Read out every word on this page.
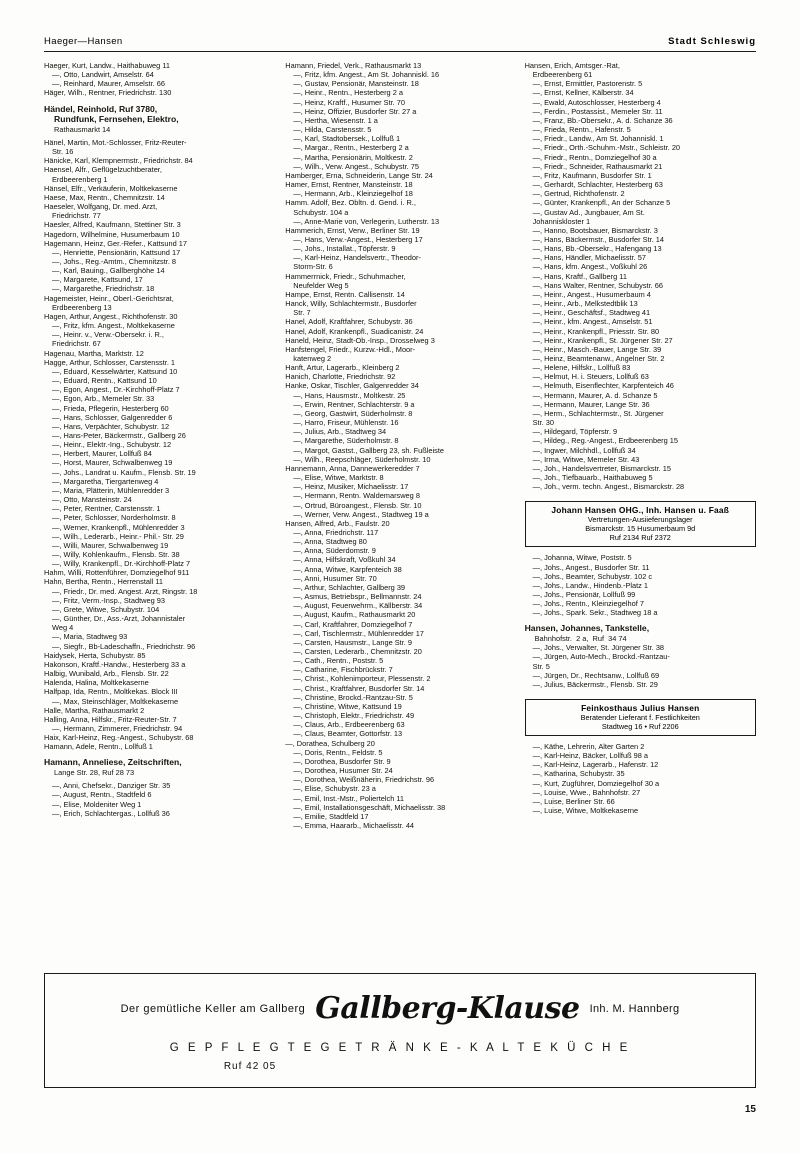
Haeger—Hansen	Stadt Schleswig
Haeger, Kurt, Landw., Haithabuweg 11
—, Otto, Landwirt, Amselstr. 64
—, Reinhard, Maurer, Amselstr. 66
Häger, Wilh., Rentner, Friedrichstr. 130
Händel, Reinhold, Ruf 3780,
Rundfunk, Fernsehen, Elektro,
Rathausmarkt 14
Hänel, Martin, Mot.-Schlosser, Fritz-Reuter-
Str. 16
Hänicke, Karl, Klempnermstr., Friedrichstr. 84
Haensel, Alfr., Geflügelzuchtberater,
Erdbeerenberg 1
Hänsel, Elfr., Verkäuferin, Moltkekaserne
Haese, Max, Rentn., Chemnitzstr. 14
Haeseler, Wolfgang, Dr. med. Arzt,
Friedrichstr. 77
Haesler, Alfred, Kaufmann, Stettiner Str. 3
Hagedorn, Wilhelmine, Husumerbaum 10
Hagemann, Heinz, Ger.-Refer., Kattsund 17
—, Henriette, Pensionärin, Kattsund 17
—, Johs., Reg.-Amtm., Chemnitzstr. 8
—, Karl, Bauing., Gallberghöhe 14
—, Margarete, Kattsund, 17
—, Margarethe, Friedrichstr. 18
Hagemeister, Heinr., Oberl.-Gerichtsrat,
Erdbeerenberg 13
Hagen, Arthur, Angest., Richthofenstr. 30
—, Fritz, kfm. Angest., Moltkekaserne
—, Heinr. v., Verw.-Obersekr. i. R.,
Friedrichstr. 67
Hagenau, Martha, Marktstr. 12
Hagge, Arthur, Schlosser, Carstensstr. 1
—, Eduard, Kesselwärter, Kattsund 10
—, Eduard, Rentn., Kattsund 10
—, Egon, Angest., Dr.-Kirchhoff-Platz 7
—, Egon, Arb., Memeler Str. 33
—, Frieda, Pflegerin, Hesterberg 60
—, Hans, Schlosser, Galgenredder 6
—, Hans, Verpächter, Schubystr. 12
—, Hans-Peter, Bäckermstr., Gallberg 26
—, Heinr., Elektr.-Ing., Schubystr. 12
—, Herbert, Maurer, Lollfuß 84
—, Horst, Maurer, Schwalbenweg 19
—, Johs., Landrat u. Kaufm., Flensb. Str. 19
—, Margaretha, Tiergartenweg 4
—, Maria, Plätterin, Mühlenredder 3
—, Otto, Mansteinstr. 24
—, Peter, Rentner, Carstensstr. 1
—, Peter, Schlosser, Norderholmstr. 8
—, Werner, Krankenpfl., Mühlenredder 3
—, Wilh., Lederarb., Heinr.- Phil.- Str. 29
—, Willi, Maurer, Schwalbenweg 19
—, Willy, Kohlenkaufm., Flensb. Str. 38
—, Willy, Krankenpfl., Dr.-Kirchhoff-Platz 7
Hahm, Willi, Rottenführer, Domziegelhof 911
Hahn, Bertha, Rentn., Herrenstall 11
—, Friedr., Dr. med. Angest. Arzt, Ringstr. 18
—, Fritz, Verm.-Insp., Stadtweg 93
—, Grete, Witwe, Schubystr. 104
—, Günther, Dr., Ass.-Arzt, Johannistaler
Weg 4
—, Maria, Stadtweg 93
—, Siegfr., Bb-Ladeschaffn., Friedrichstr. 96
Haidysek, Herta, Schubystr. 85
Hakonson, Kraftf.-Handw., Hesterberg 33 a
Halbig, Wunibald, Arb., Flensb. Str. 22
Halenda, Halina, Moltkekaserne
Halfpap, Ida, Rentn., Moltkekas. Block III
—, Max, Steinschläger, Moltkekaserne
Halle, Martha, Rathausmarkt 2
Halling, Anna, Hilfskr., Fritz-Reuter-Str. 7
—, Hermann, Zimmerer, Friedrichstr. 94
Haix, Karl-Heinz, Reg.-Angest., Schubystr. 68
Hamann, Adele, Rentn., Lollfuß 1
Hamann, Anneliese, Zeitschriften,
Lange Str. 28, Ruf 28 73
—, Anni, Chefsekr., Danziger Str. 35
—, August, Rentn., Stadtfeld 6
—, Elise, Moldeniter Weg 1
—, Erich, Schlachtergas., Lollfuß 36
Hamann, Friedel, Verk., Rathausmarkt 13
—, Fritz, kfm. Angest., Am St. Johanniskl. 16
—, Gustav, Pensionär, Mansteinstr. 18
—, Heinr., Rentn., Hesterberg 2 a
—, Heinz, Kraftf., Husumer Str. 70
—, Heinz, Offizier, Busdorfer Str. 27 a
—, Hertha, Wiesenstr. 1 a
—, Hilda, Carstensstr. 5
—, Karl, Stadtobersek., Lollfuß 1
—, Margar., Rentn., Hesterberg 2 a
—, Martha, Pensionärin, Moltkestr. 2
—, Wilh., Verw. Angest., Schubystr. 75
Hamberger, Erna, Schneiderin, Lange Str. 24
Hamer, Ernst, Rentner, Mansteinstr. 18
—, Hermann, Arb., Kleinziegelhof 18
Hamm. Adolf, Bez. Obltn. d. Gend. i. R.,
Schubystr. 104 a
—, Anne-Marie von, Verlegerin, Lutherstr. 13
Hammerich, Ernst, Verw., Berliner Str. 19
—, Hans, Verw.-Angest., Hesterberg 17
—, Johs., Installat., Töpferstr. 9
—, Karl-Heinz, Handelsvertr., Theodor-
Storm-Str. 6
Hammerrnick, Friedr., Schuhmacher,
Neufelder Weg 5
Hampe, Ernst, Rentn. Callisenstr. 14
Hanck, Willy, Schlachtermstr., Busdorfer
Str. 7
Hanel, Adolf, Kraftfahrer, Schubystr. 36
Hanel, Adolf, Krankenpfl., Suadicanistr. 24
Haneld, Heinz, Stadt-Ob.-Insp., Drosselweg 3
Hanfstengel, Friedr., Kurzw.-Hdl., Moor-
katenweg 2
Hanft, Artur, Lagerarb., Kleinberg 2
Hanich, Charlotte, Friedrichstr. 92
Hanke, Oskar, Tischler, Galgenredder 34
—, Hans, Hausmstr., Moltkestr. 25
—, Erwin, Rentner, Schlachterstr. 9 a
—, Georg, Gastwirt, Süderholmstr. 8
—, Harro, Friseur, Mühlenstr. 16
—, Julius, Arb., Stadtweg 34
—, Margarethe, Süderholmstr. 8
—, Margot, Gastst., Gallberg 23, sh. Fußleiste
—, Wilh., Reepschläger, Süderholmstr. 10
Hannemann, Anna, Dannewerkeredder 7
—, Elise, Witwe, Marktstr. 8
—, Heinz, Musiker, Michaelisstr. 17
—, Hermann, Rentn. Waldemarsweg 8
—, Ortrud, Büroangest., Flensb. Str. 10
—, Werner, Verw. Angest., Stadtweg 19 a
Hansen, Alfred, Arb., Faulstr. 20
—, Anna, Friedrichstr. 117
—, Anna, Stadtweg 80
—, Anna, Süderdomstr. 9
—, Anna, Hilfskraft, Voßkuhl 34
—, Anna, Witwe, Karpfenteich 38
—, Anni, Husumer Str. 70
—, Arthur, Schlachter, Gallberg 39
—, Asmus, Betriebspr., Bellmannstr. 24
—, August, Feuerwehrm., Källberstr. 34
—, August, Kaufm., Rathausmarkt 20
—, Carl, Kraftfahrer, Domziegelhof 7
—, Carl, Tischlermstr., Mühlenredder 17
—, Carsten, Hausmstr., Lange Str. 9
—, Carsten, Lederarb., Chemnitzstr. 20
—, Cath., Rentn., Poststr. 5
—, Catharine, Fischbrückstr. 7
—, Christ., Kohlenimporteur, Plessenstr. 2
—, Christ., Kraftfahrer, Busdorfer Str. 14
—, Christine, Brockd.-Rantzau-Str. 5
—, Christine, Witwe, Kattsund 19
—, Christoph, Elektr., Friedrichstr. 49
—, Claus, Arb., Erdbeerenberg 63
—, Claus, Beamter, Gottorfstr. 13
—, Dorathea, Schulberg 20
—, Doris, Rentn., Feldstr. 5
—, Dorothea, Busdorfer Str. 9
—, Dorothea, Husumer Str. 24
—, Dorothea, Weißnäherin, Friedrichstr. 96
—, Elise, Schubystr. 23 a
—, Emil, Inst.-Mstr., Poliertelch 11
—, Emil, Installationsgeschäft, Michaelisstr. 38
—, Emilie, Stadtfeld 17
—, Emma, Haararb., Michaelisstr. 44
Hansen, Erich, Amtsger.-Rat,
Erdbeerenberg 61
—, Ernst, Ermittler, Pastorenstr. 5
—, Ernst, Kellner, Kälberstr. 34
—, Ewald, Autoschlosser, Hesterberg 4
—, Ferdin., Postassist., Memeler Str. 11
—, Franz, Bb.-Obersekr., A. d. Schanze 36
—, Frieda, Rentn., Hafenstr. 5
—, Friedr., Landw., Am St. Johanniskl. 1
—, Friedr., Orth.-Schuhm.-Mstr., Schleistr. 20
—, Friedr., Rentn., Domziegelhof 30 a
—, Friedr., Schneider, Rathausmarkt 21
—, Fritz, Kaufmann, Busdorfer Str. 1
—, Gerhardt, Schlachter, Hesterberg 63
—, Gertrud, Richthofenstr. 2
—, Günter, Krankenpfl., An der Schanze 5
—, Gustav Ad., Jungbauer, Am St.
Johanniskloster 1
—, Hanno, Bootsbauer, Bismarckstr. 3
—, Hans, Bäckermstr., Busdorfer Str. 14
—, Hans, Bb.-Obersekr., Hafengang 13
—, Hans, Händler, Michaelisstr. 57
—, Hans, kfm. Angest., Voßkuhl 26
—, Hans, Kraftf., Gallberg 11
—, Hans Walter, Rentner, Schubystr. 66
—, Heinr., Angest., Husumerbaum 4
—, Heinr., Arb., Melkstedtblik 13
—, Heinr., Geschäftsf., Stadtweg 41
—, Heinr., kfm. Angest., Amselstr. 51
—, Heinr., Krankenpfl., Priesstr. Str. 80
—, Heinr., Krankenpfl., St. Jürgener Str. 27
—, Heinr., Masch.-Bauer, Lange Str. 39
—, Heinz, Beamtenanw., Angelner Str. 2
—, Helene, Hilfskr., Lollfuß 83
—, Helmut, H. i. Steuers, Lollfuß 63
—, Helmuth, Eisenflechter, Karpfenteich 46
—, Hermann, Maurer, A. d. Schanze 5
—, Hermann, Maurer, Lange Str. 36
—, Herm., Schlachtermstr., St. Jürgener
Str. 30
—, Hildegard, Töpferstr. 9
—, Hildeg., Reg.-Angest., Erdbeerenberg 15
—, Ingwer, Milchhdl., Lollfuß 34
—, Irma, Witwe, Memeler Str. 43
—, Joh., Handelsvertreter, Bismarckstr. 15
—, Joh., Tiefbauarb., Haithabuweg 5
—, Joh., verm. techn. Angest., Bismarckstr. 28
Johann Hansen OHG., Inh. Hansen u. Faaß
Vertretungen-Ausiieferungslager
Bismarckstr. 15 Husumerbaum 9d
Ruf 2134 Ruf 2372
—, Johanna, Witwe, Poststr. 5
—, Johs., Angest., Busdorfer Str. 11
—, Johs., Beamter, Schubystr. 102 c
—, Johs., Landw., Hindenb.-Platz 1
—, Johs., Pensionär, Lollfuß 99
—, Johs., Rentn., Kleinziegelhof 7
—, Johs., Spark. Sekr., Stadtweg 18 a
Hansen, Johannes, Tankstelle,
Bahnhofstr.  2 a,  Ruf  34 74
—, Johs., Verwalter, St. Jürgener Str. 38
—, Jürgen, Auto-Mech., Brockd.-Rantzau-
Str. 5
—, Jürgen, Dr., Rechtsanw., Lollfuß 69
—, Julius, Bäckermstr., Flensb. Str. 29
Feinkosthaus Julius Hansen
Beratender Lieferant f. Festlichkeiten
Stadtweg 16 • Ruf 2206
—, Käthe, Lehrerin, Alter Garten 2
—, Karl-Heinz, Bäcker, Lollfuß 98 a
—, Karl-Heinz, Lagerarb., Hafenstr. 12
—, Katharina, Schubystr. 35
—, Kurt, Zugführer, Domziegelhof 30 a
—, Louise, Wwe., Bahnhofstr. 27
—, Luise, Berliner Str. 66
—, Luise, Witwe, Moltkekaserne
Der gemütliche Keller am Gallberg Gallberg-Klause Inh. M. Hannberg
G E P F L E G T E G E T R Ä N K E - K A L T E K Ü C H E
Ruf 42 05
15
